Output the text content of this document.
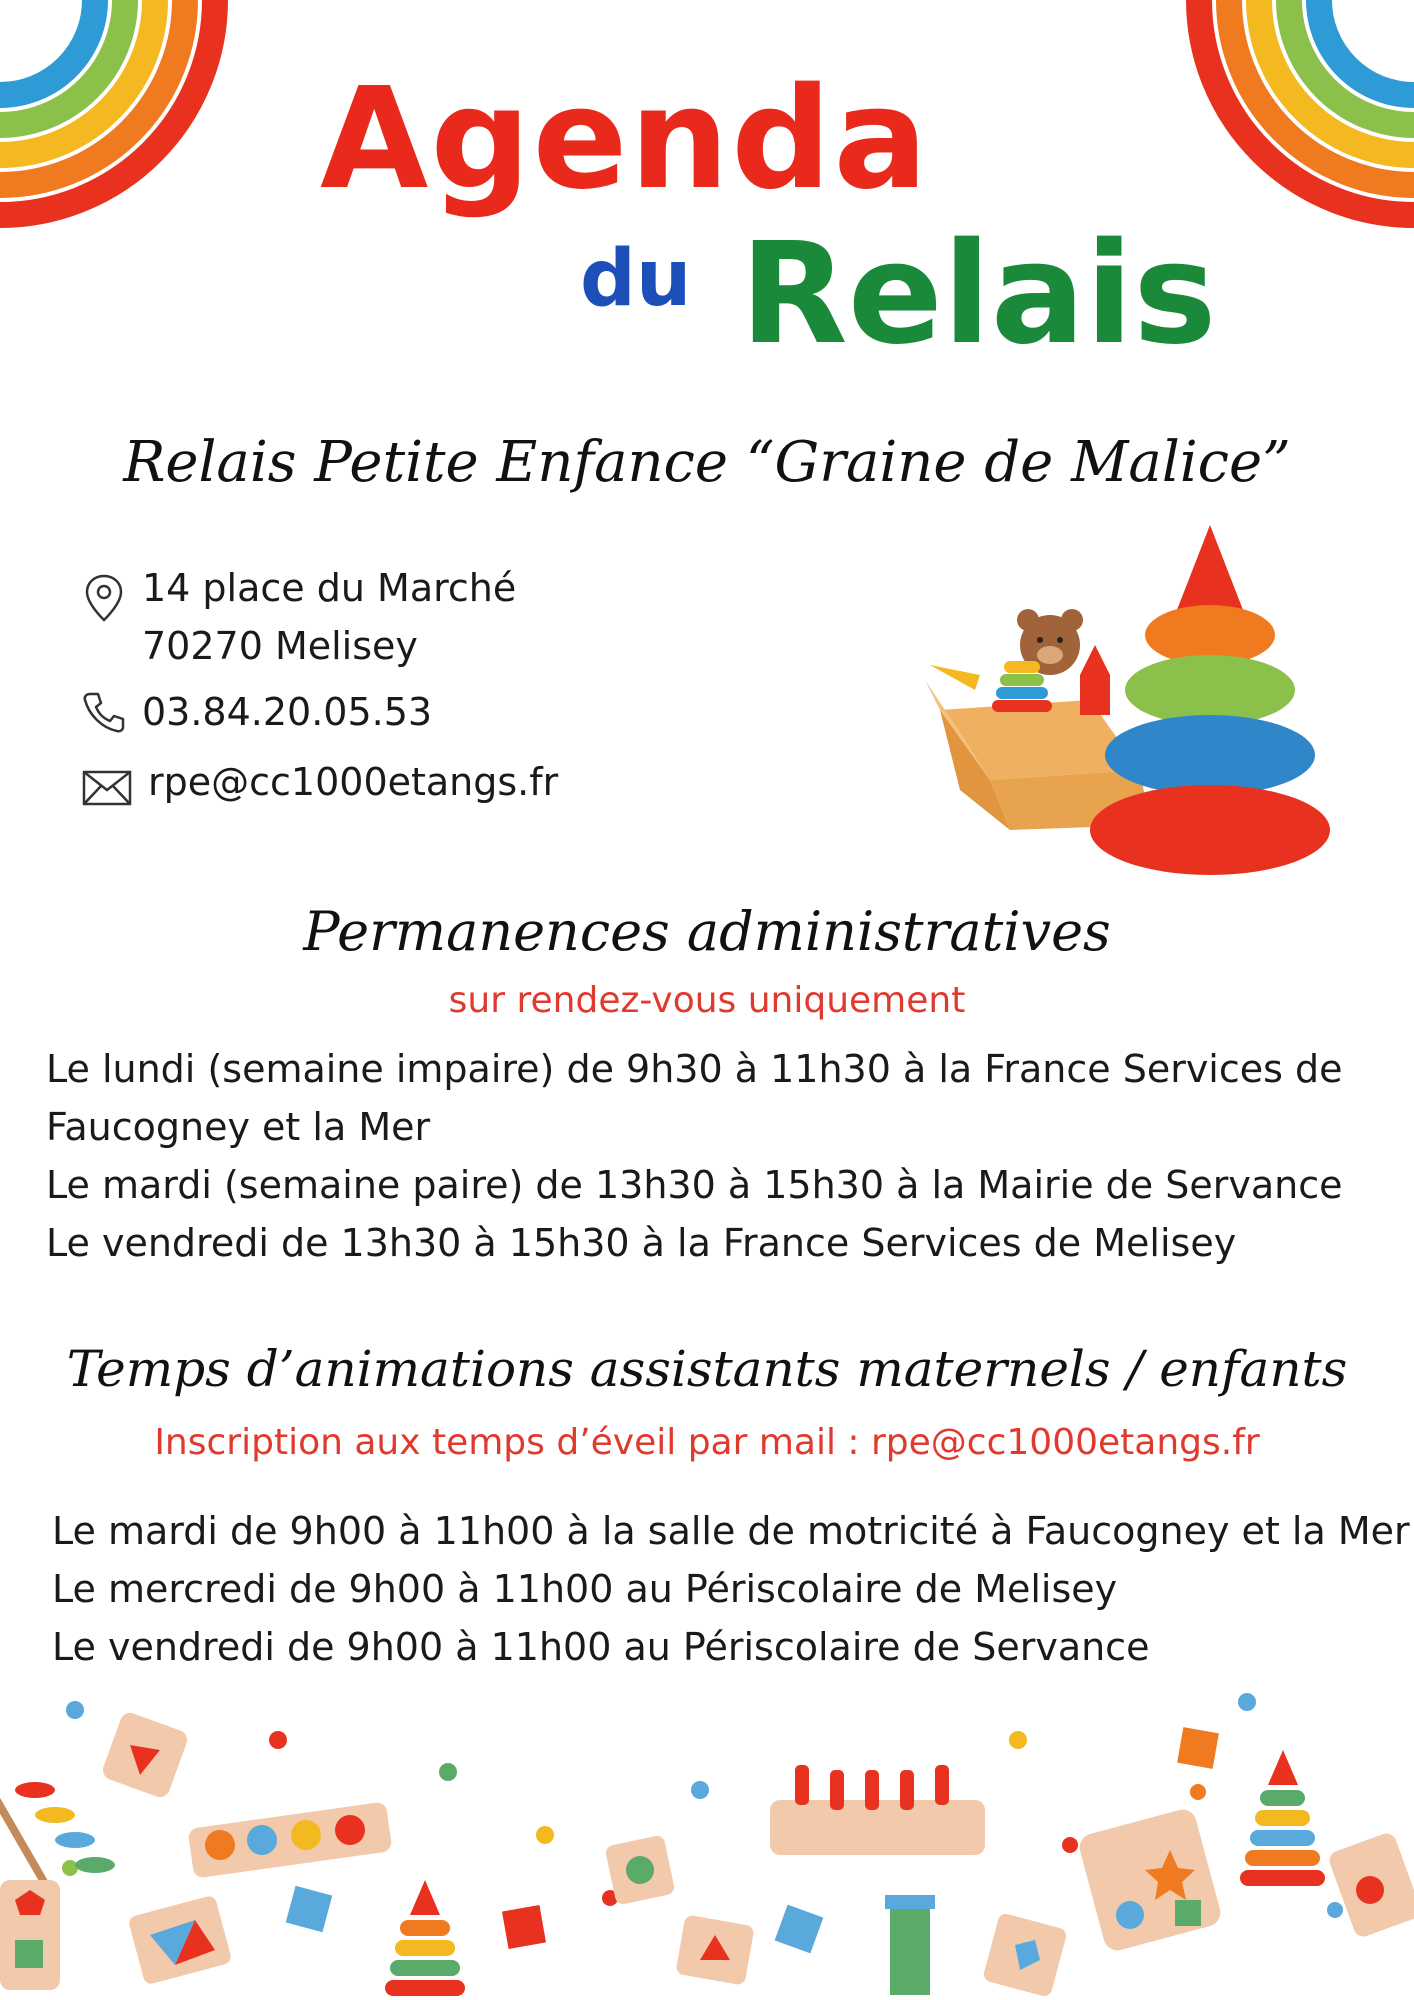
Agenda
du Relais
Relais Petite Enfance “Graine de Malice”
14 place du Marché
70270 Melisey
03.84.20.05.53
rpe@cc1000etangs.fr
Permanences administratives
sur rendez-vous uniquement
Le lundi (semaine impaire) de 9h30 à 11h30 à la France Services de
Faucogney et la Mer
Le mardi (semaine paire) de 13h30 à 15h30 à la Mairie de Servance
Le vendredi de 13h30 à 15h30 à la France Services de Melisey
Temps d’animations assistants maternels / enfants
Inscription aux temps d’éveil par mail : rpe@cc1000etangs.fr
Le mardi de 9h00 à 11h00 à la salle de motricité à Faucogney et la Mer
Le mercredi de 9h00 à 11h00 au Périscolaire de Melisey
Le vendredi de 9h00 à 11h00 au Périscolaire de Servance
